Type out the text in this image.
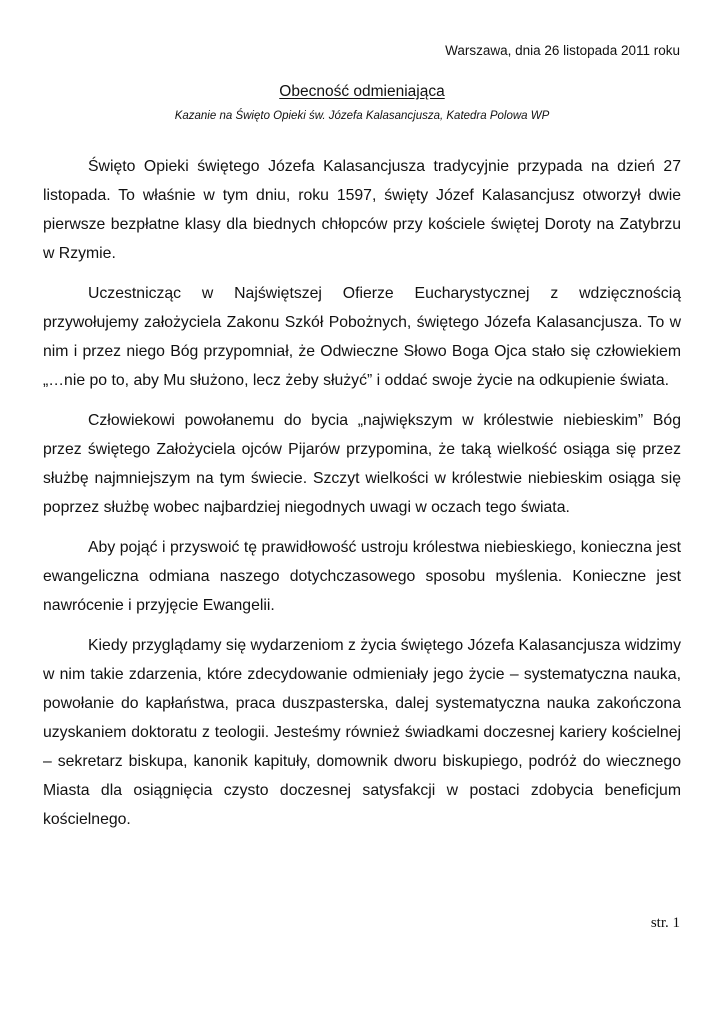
Warszawa, dnia 26 listopada 2011 roku
Obecność odmieniająca
Kazanie na Święto Opieki św. Józefa Kalasancjusza, Katedra Polowa WP

Święto Opieki świętego Józefa Kalasancjusza tradycyjnie przypada na dzień 27 listopada. To właśnie w tym dniu, roku 1597, święty Józef Kalasancjusz otworzył dwie pierwsze bezpłatne klasy dla biednych chłopców przy kościele świętej Doroty na Zatybrzu w Rzymie.

Uczestnicząc w Najświętszej Ofierze Eucharystycznej z wdzięcznością przywołujemy założyciela Zakonu Szkół Pobożnych, świętego Józefa Kalasancjusza. To w nim i przez niego Bóg przypomniał, że Odwieczne Słowo Boga Ojca stało się człowiekiem „…nie po to, aby Mu służono, lecz żeby służyć” i oddać swoje życie na odkupienie świata.

Człowiekowi powołanemu do bycia „największym w królestwie niebieskim” Bóg przez świętego Założyciela ojców Pijarów przypomina, że taką wielkość osiąga się przez służbę najmniejszym na tym świecie. Szczyt wielkości w królestwie niebieskim osiąga się poprzez służbę wobec najbardziej niegodnych uwagi w oczach tego świata.

Aby pojąć i przyswoić tę prawidłowość ustroju królestwa niebieskiego, konieczna jest ewangeliczna odmiana naszego dotychczasowego sposobu myślenia. Konieczne jest nawrócenie i przyjęcie Ewangelii.

Kiedy przyglądamy się wydarzeniom z życia świętego Józefa Kalasancjusza widzimy w nim takie zdarzenia, które zdecydowanie odmieniały jego życie – systematyczna nauka, powołanie do kapłaństwa, praca duszpasterska, dalej systematyczna nauka zakończona uzyskaniem doktoratu z teologii. Jesteśmy również świadkami doczesnej kariery kościelnej – sekretarz biskupa, kanonik kapituły, domownik dworu biskupiego, podróż do wiecznego Miasta dla osiągnięcia czysto doczesnej satysfakcji w postaci zdobycia beneficjum kościelnego.

str. 1
